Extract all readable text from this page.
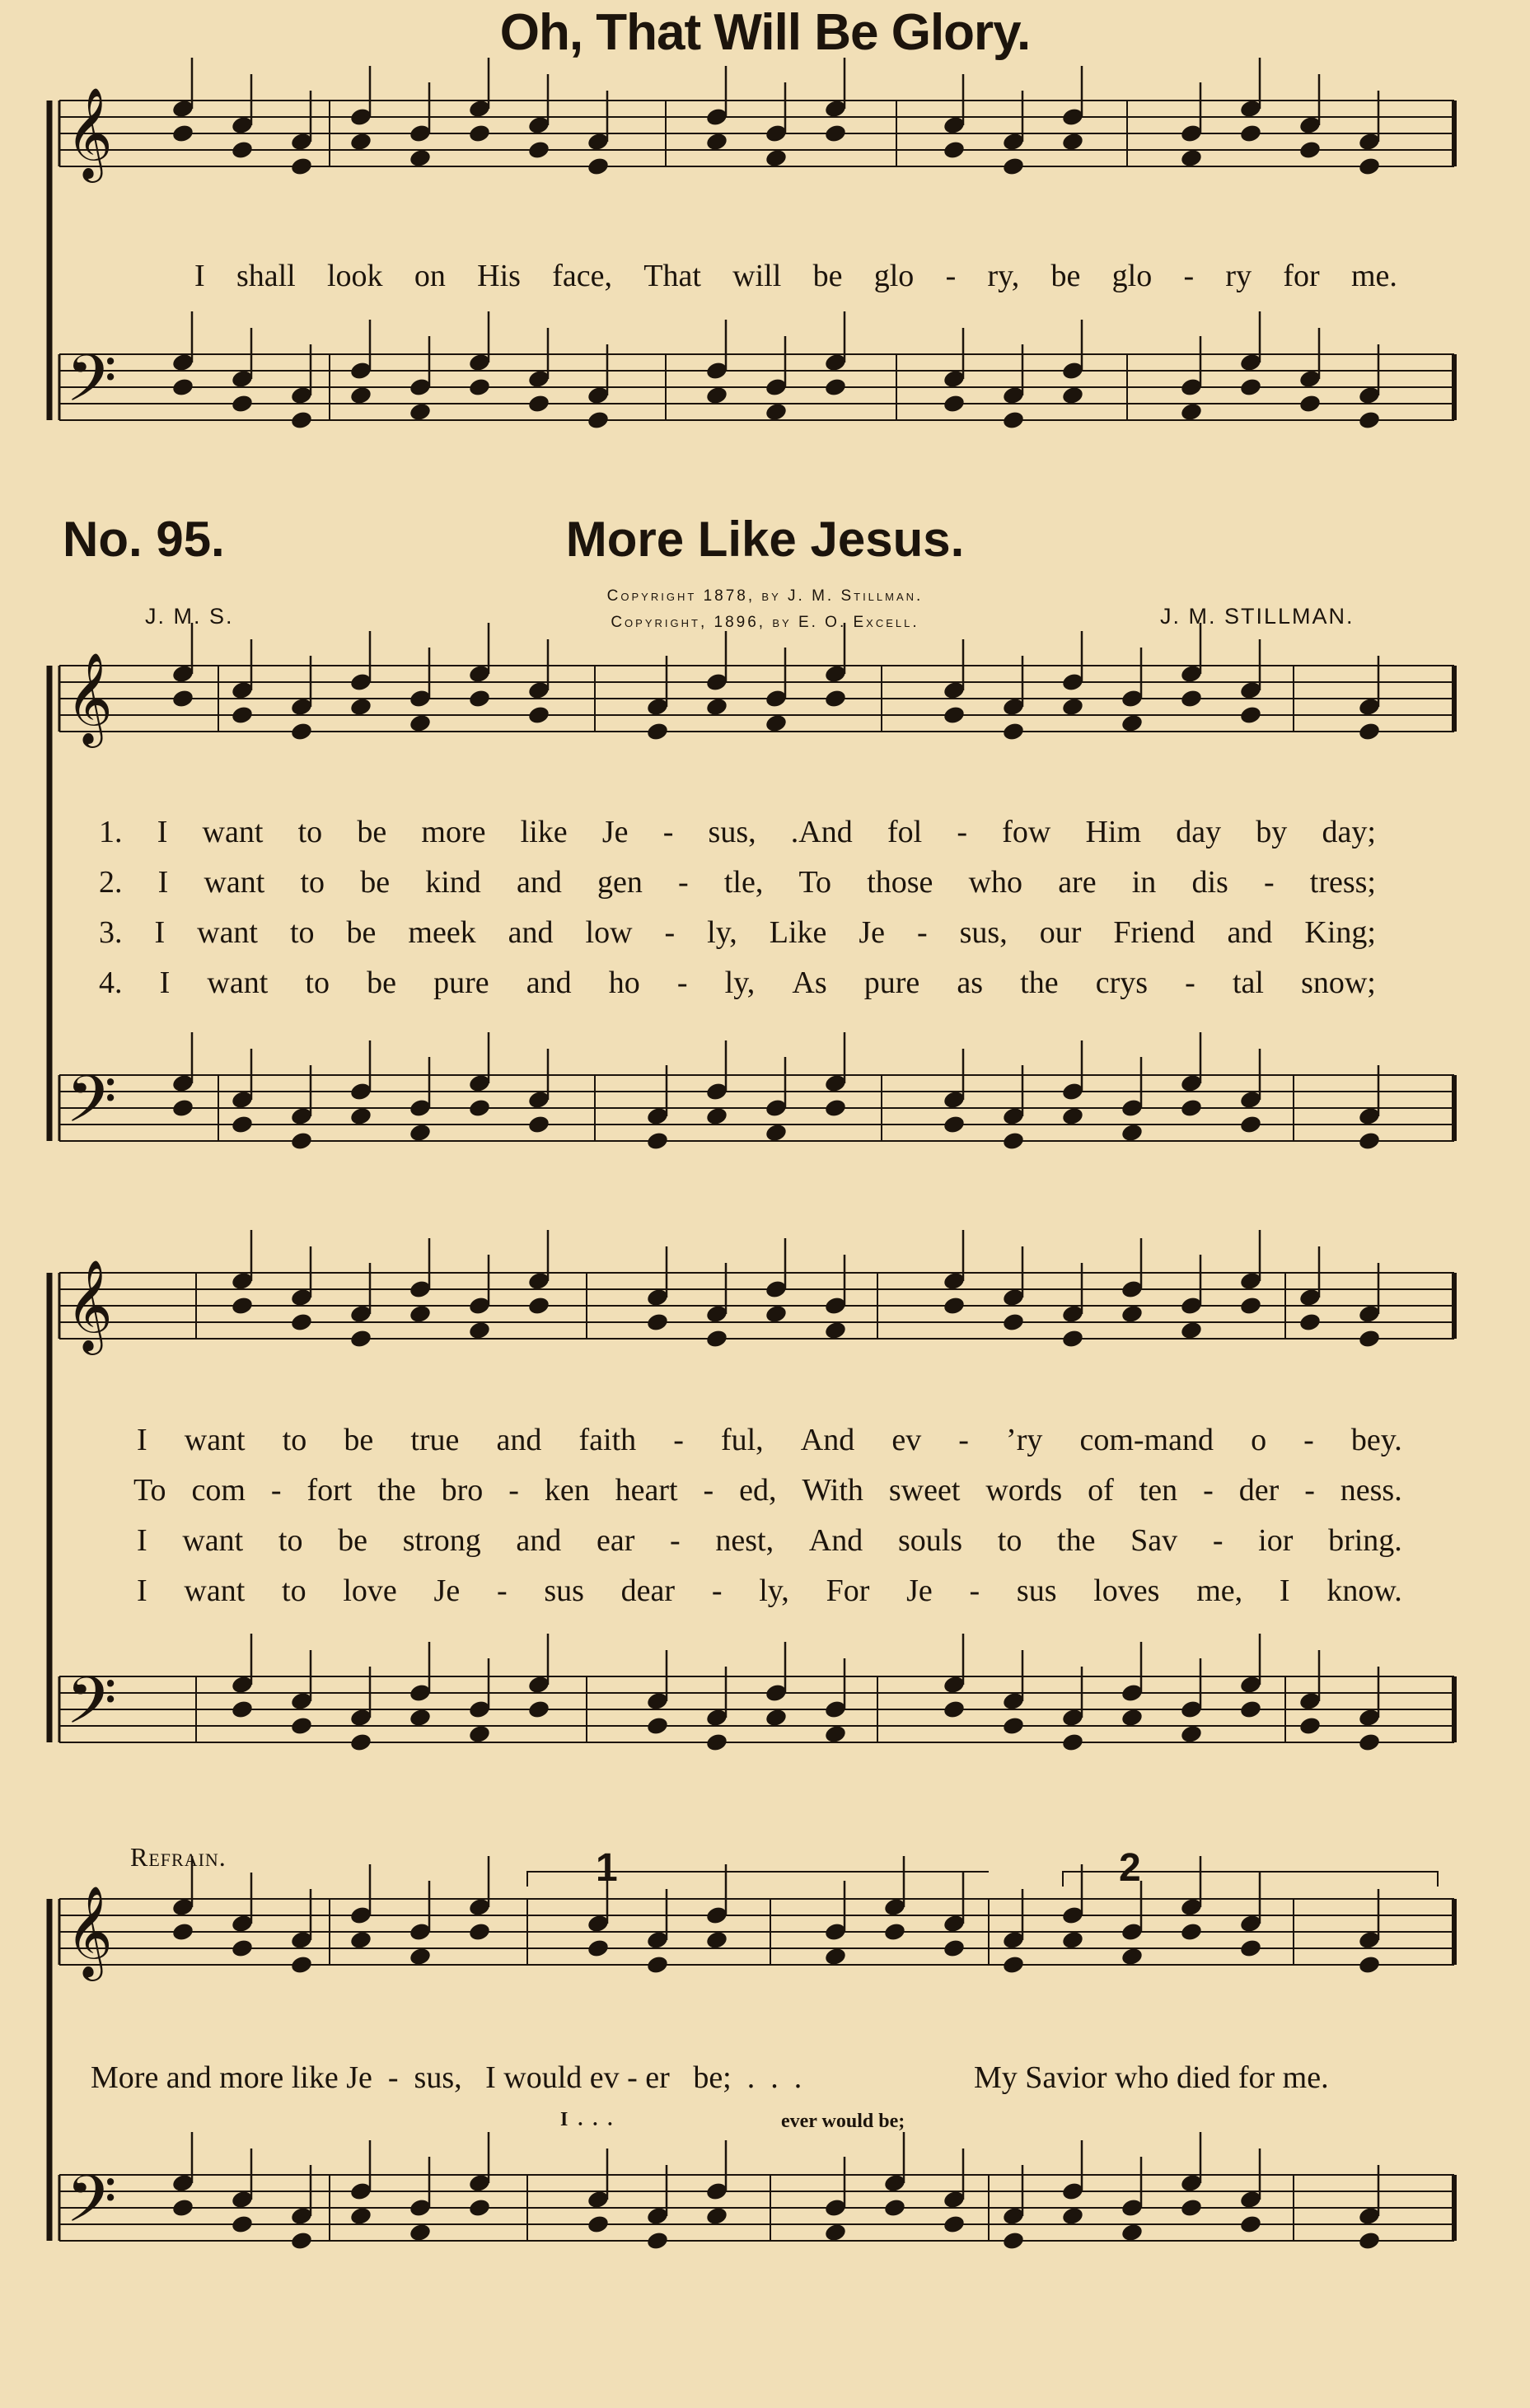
𝄞
𝄢
𝄞
𝄢
𝄞
𝄢
𝄞
𝄢
Oh, That Will Be Glory.
I shall look on His face, That will be glo - ry, be glo - ry for me.
No. 95.	More Like Jesus.
J. M. S.	J. M. STILLMAN.
Copyright 1878, by J. M. Stillman.
Copyright, 1896, by E. O. Excell.
1. I want to be more like Je - sus, .And fol - fow Him day by day;
2. I want to be kind and gen - tle, To those who are in dis - tress;
3. I want to be meek and low - ly, Like Je - sus, our Friend and King;
4. I want to be pure and ho - ly, As pure as the crys - tal snow;
I want to be true and faith - ful, And ev - ’ry com-mand o - bey.
To com - fort the bro - ken heart - ed, With sweet words of ten - der - ness.
I want to be strong and ear - nest, And souls to the Sav - ior bring.
I want to love Je - sus dear - ly, For Je - sus loves me, I know.
Refrain.	1	2
More and more like Je  -  sus,   I would ev - er   be;  .  .  .	My Savior who died for me.
I  .  .  .	ever would be;
